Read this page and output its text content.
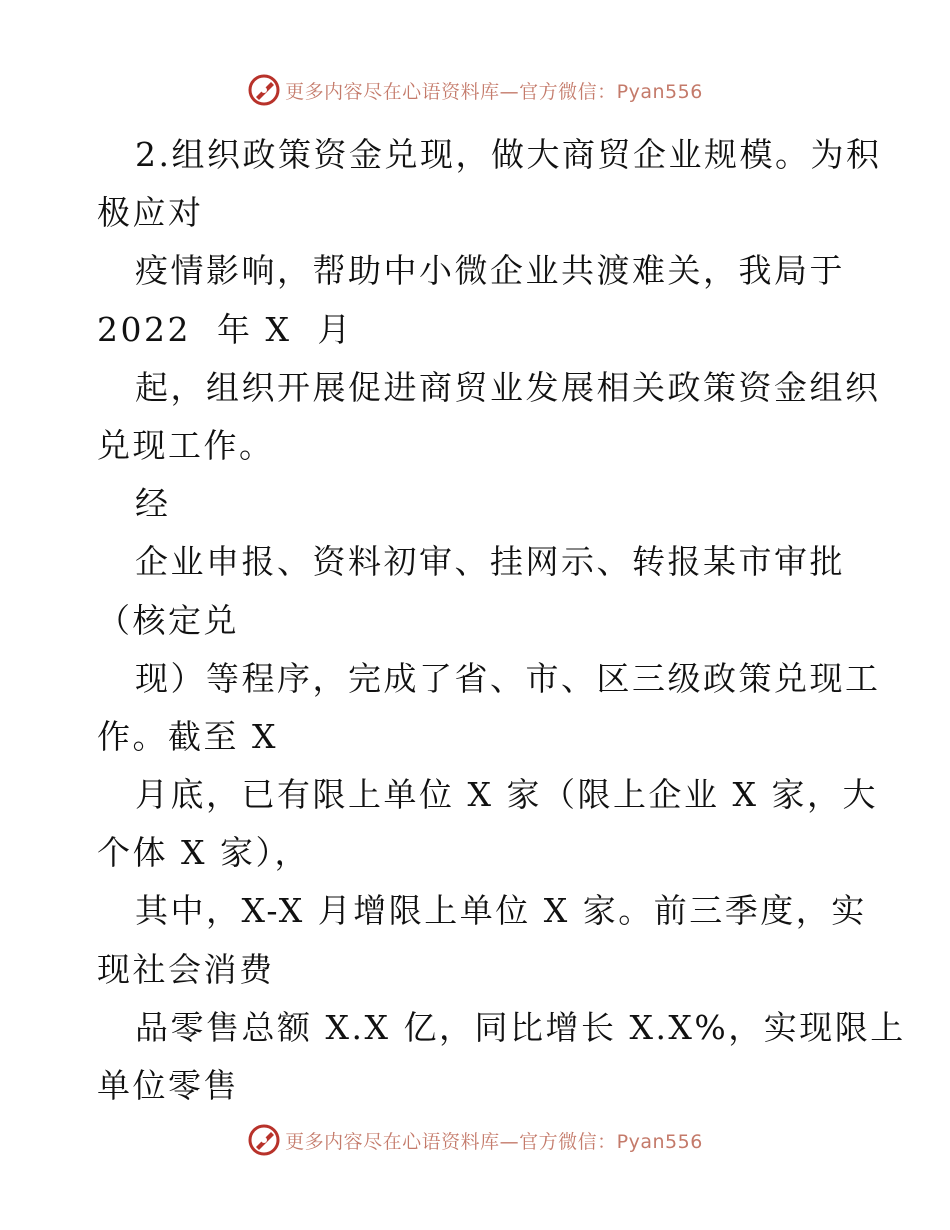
更多内容尽在心语资料库—官方微信：Pyan556
2.组织政策资金兑现，做大商贸企业规模。为积
极应对
疫情影响，帮助中小微企业共渡难关，我局于
2022  年 X  月
起，组织开展促进商贸业发展相关政策资金组织
兑现工作。
经
企业申报、资料初审、挂网示、转报某市审批
（核定兑
现）等程序，完成了省、市、区三级政策兑现工
作。截至 X
月底，已有限上单位 X 家（限上企业 X 家，大
个体 X 家），
其中，X-X 月增限上单位 X 家。前三季度，实
现社会消费
品零售总额 X.X 亿，同比增长 X.X%，实现限上
单位零售
更多内容尽在心语资料库—官方微信：Pyan556
